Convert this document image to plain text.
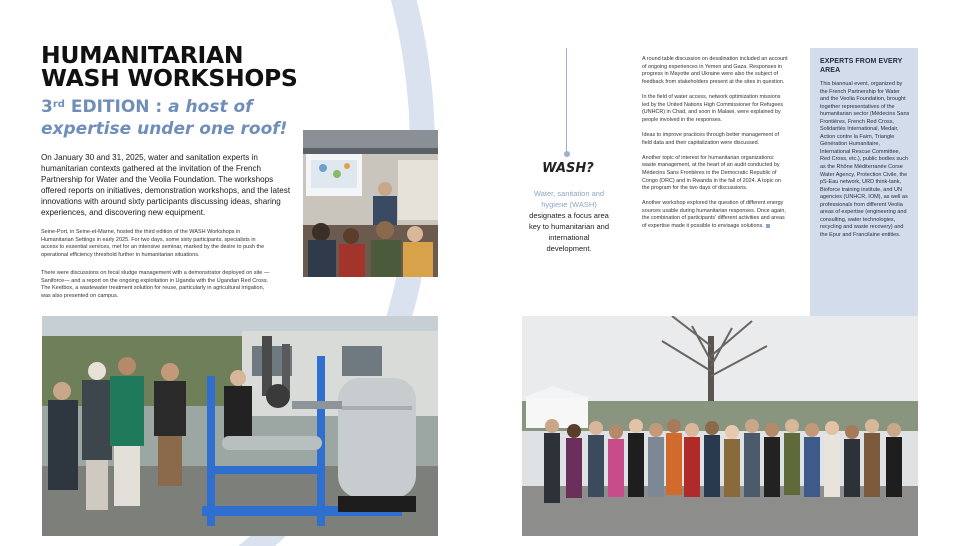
HUMANITARIAN
WASH WORKSHOPS
3rd EDITION : a host of expertise under one roof!

On January 30 and 31, 2025, water and sanitation experts in humanitarian contexts gathered at the invitation of the French Partnership for Water and the Veolia Foundation. The workshops offered reports on initiatives, demonstration workshops, and the latest innovations with around sixty participants discussing ideas, sharing experiences, and discovering new equipment.

Seine-Port, in Seine-et-Marne, hosted the third edition of the WASH Workshops in Humanitarian Settings in early 2025. For two days, some sixty participants, specialists in access to essential services, met for an intensive seminar, marked by the desire to push the operational efficiency threshold further in humanitarian situations.

There were discussions on fecal sludge management with a demonstrator deployed on site —Saniforce— and a report on the ongoing exploitation in Uganda with the Ugandan Red Cross. The Keetbox, a wastewater treatment solution for reuse, particularly in agricultural irrigation, was also presented on campus.

WASH?
Water, sanitation and hygiene (WASH)
designates a focus area key to humanitarian and international development.

A round table discussion on desalination included an account of ongoing experiences in Yemen and Gaza. Responses in progress in Mayotte and Ukraine were also the subject of feedback from stakeholders present at the sites in question.

In the field of water access, network optimization missions led by the United Nations High Commissioner for Refugees (UNHCR) in Chad, and soon in Malawi, were explained by people involved in the responses.

Ideas to improve practices through better management of field data and their capitalization were discussed.

Another topic of interest for humanitarian organizations: waste management, at the heart of an audit conducted by Médecins Sans Frontières in the Democratic Republic of Congo (DRC) and in Rwanda in the fall of 2024. A topic on the program for the two days of discussions.

Another workshop explored the question of different energy sources usable during humanitarian responses. Once again, the combination of participants' different activities and areas of expertise made it possible to envisage solutions.

EXPERTS FROM EVERY AREA
This biannual event, organized by the French Partnership for Water and the Veolia Foundation, brought together representatives of the humanitarian sector (Médecins Sans Frontières, French Red Cross, Solidarités International, Medair, Action contre la Faim, Triangle Génération Humanitaire, International Rescue Committee, Red Cross, etc.), public bodies such as the Rhône Méditerranée Corse Water Agency, Protection Civile, the pS-Eau network, URD think-tank, Bioforce training institute, and UN agencies (UNHCR, IOM), as well as professionals from different Veolia areas of expertise (engineering and consulting, water technologies, recycling and waste recovery) and the Epur and Francilaine entities.
